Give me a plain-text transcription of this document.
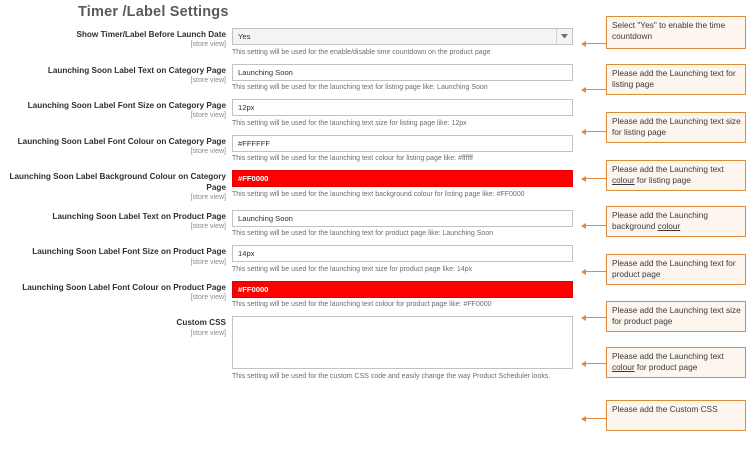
Timer /Label Settings
Show Timer/Label Before Launch Date
[store view]
Yes
This setting will be used for the enable/disable time countdown on the product page
Launching Soon Label Text on Category Page
[store view]
Launching Soon
This setting will be used for the launching text for listing page like: Launching Soon
Launching Soon Label Font Size on Category Page
[store view]
12px
This setting will be used for the launching text size for listing page like: 12px
Launching Soon Label Font Colour on Category Page
[store view]
#FFFFFF
This setting will be used for the launching text colour for listing page like: #ffffff
Launching Soon Label Background Colour on Category Page
[store view]
#FF0000 This setting will be used for the launching text background colour for listing page like: #FF0000
Launching Soon Label Text on Product Page
[store view]
Launching Soon
This setting will be used for the launching text for product page like: Launching Soon
Launching Soon Label Font Size on Product Page
[store view]
14px
This setting will be used for the launching text size for product page like: 14px
Launching Soon Label Font Colour on Product Page
[store view]
#FF0000
This setting will be used for the launching text colour for product page like: #FF0000
Custom CSS
[store view]
This setting will be used for the custom CSS code and easily change the way Product Scheduler looks.
Select "Yes" to enable the time countdown
Please add the Launching text for listing page
Please add the Launching text size for listing page
Please add the Launching text colour for listing page
Please add the Launching background colour
Please add the Launching text for product page
Please add the Launching text size for product page
Please add the Launching text colour for product page
Please add the Custom CSS
